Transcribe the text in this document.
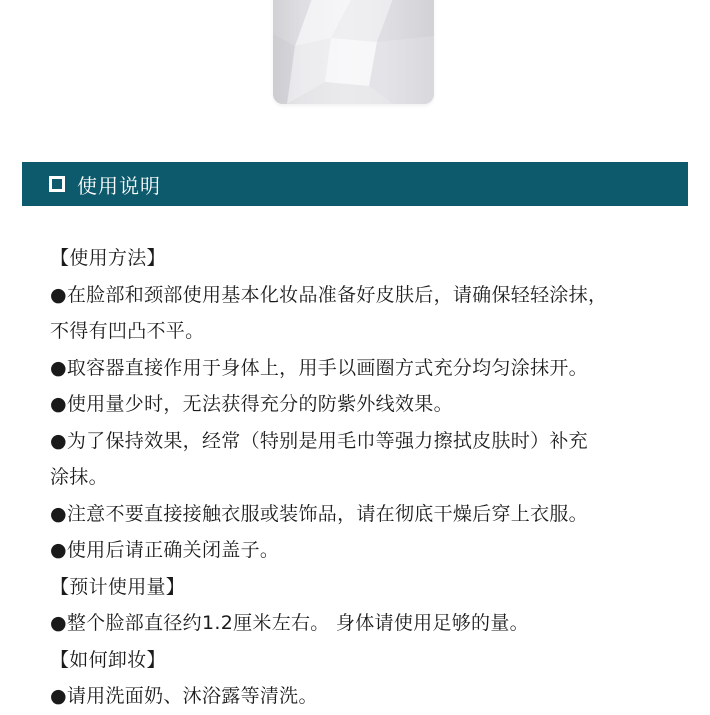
使用说明
【使用方法】
●在脸部和颈部使用基本化妆品准备好皮肤后，请确保轻轻涂抹，
不得有凹凸不平。
●取容器直接作用于身体上，用手以画圈方式充分均匀涂抹开。
●使用量少时，无法获得充分的防紫外线效果。
●为了保持效果，经常（特别是用毛巾等强力擦拭皮肤时）补充
涂抹。
●注意不要直接接触衣服或装饰品，请在彻底干燥后穿上衣服。
●使用后请正确关闭盖子。
【预计使用量】
●整个脸部直径约1.2厘米左右。 身体请使用足够的量。
【如何卸妆】
●请用洗面奶、沐浴露等清洗。
